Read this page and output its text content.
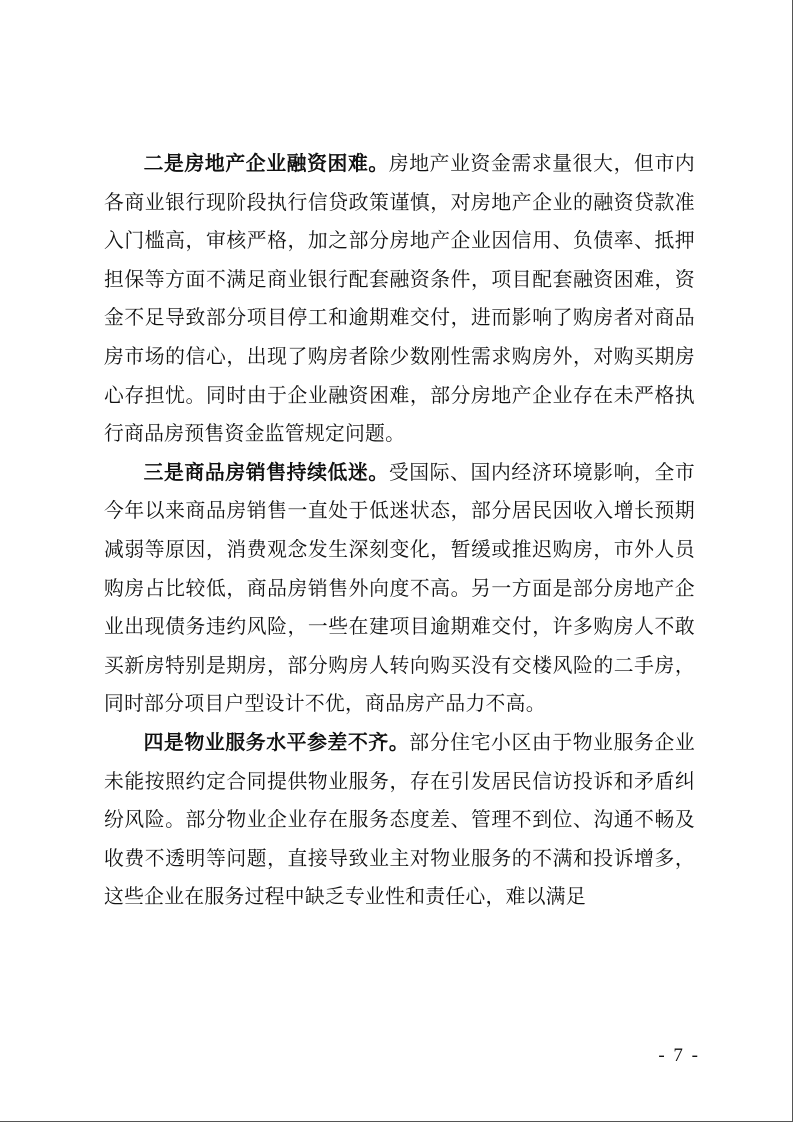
二是房地产企业融资困难。房地产业资金需求量很大，但市内各商业银行现阶段执行信贷政策谨慎，对房地产企业的融资贷款准入门槛高，审核严格，加之部分房地产企业因信用、负债率、抵押担保等方面不满足商业银行配套融资条件，项目配套融资困难，资金不足导致部分项目停工和逾期难交付，进而影响了购房者对商品房市场的信心，出现了购房者除少数刚性需求购房外，对购买期房心存担忧。同时由于企业融资困难，部分房地产企业存在未严格执行商品房预售资金监管规定问题。

三是商品房销售持续低迷。受国际、国内经济环境影响，全市今年以来商品房销售一直处于低迷状态，部分居民因收入增长预期减弱等原因，消费观念发生深刻变化，暂缓或推迟购房，市外人员购房占比较低，商品房销售外向度不高。另一方面是部分房地产企业出现债务违约风险，一些在建项目逾期难交付，许多购房人不敢买新房特别是期房，部分购房人转向购买没有交楼风险的二手房，同时部分项目户型设计不优，商品房产品力不高。

四是物业服务水平参差不齐。部分住宅小区由于物业服务企业未能按照约定合同提供物业服务，存在引发居民信访投诉和矛盾纠纷风险。部分物业企业存在服务态度差、管理不到位、沟通不畅及收费不透明等问题，直接导致业主对物业服务的不满和投诉增多，这些企业在服务过程中缺乏专业性和责任心，难以满足

- 7 -
